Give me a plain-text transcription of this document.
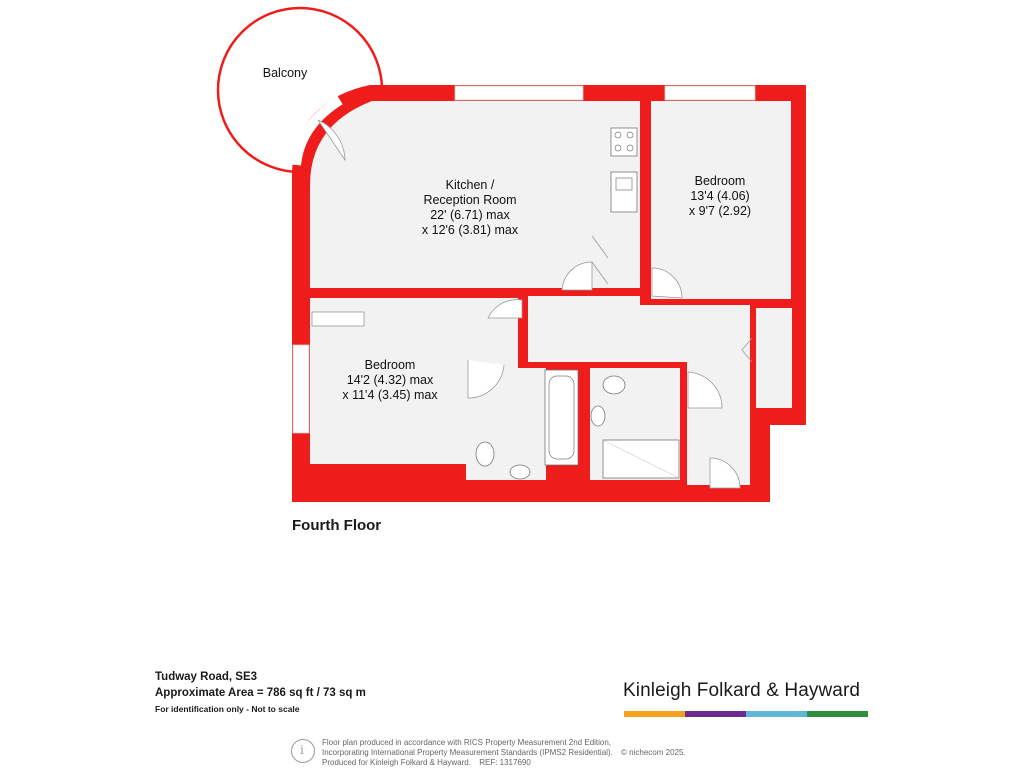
Balcony
Kitchen /
Reception Room
22' (6.71) max
x 12'6 (3.81) max
Bedroom
13'4 (4.06)
x 9'7 (2.92)
Bedroom
14'2 (4.32) max
x 11'4 (3.45) max
Fourth Floor
Tudway Road, SE3
Approximate Area = 786 sq ft / 73 sq m
For identification only - Not to scale
Kinleigh Folkard & Hayward
i
Floor plan produced in accordance with RICS Property Measurement 2nd Edition,
Incorporating International Property Measurement Standards (IPMS2 Residential). © nichecom 2025.
Produced for Kinleigh Folkard & Hayward. REF: 1317690
